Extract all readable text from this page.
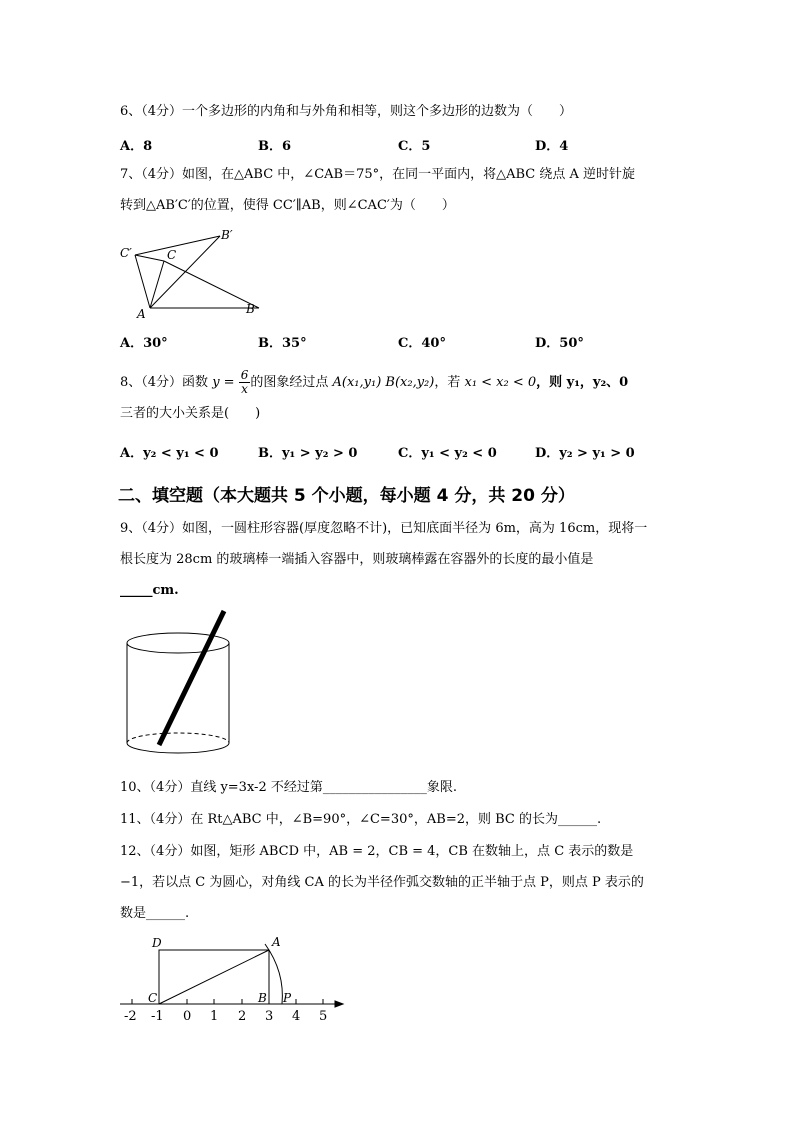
6、（4分）一个多边形的内角和与外角和相等，则这个多边形的边数为（　　）
A．8	B．6	C．5	D．4
7、（4分）如图，在△ABC 中，∠CAB＝75°，在同一平面内，将△ABC 绕点 A 逆时针旋
转到△AB′C′的位置，使得 CC′∥AB，则∠CAC′为（　　）
C′	C
B′
A	B
A．30°	B．35°	C．40°	D．50°
8、（4分）函数 $y = \frac{6}{x}$ 的图象经过点 A(x₁,y₁) B(x₂,y₂)，若 x₁ < x₂ < 0，则 y₁，y₂、0
三者的大小关系是(　　)
A．y₂ < y₁ < 0	B．y₁ > y₂ > 0	C．y₁ < y₂ < 0	D．y₂ > y₁ > 0
二、填空题（本大题共 5 个小题，每小题 4 分，共 20 分）
9、（4分）如图，一圆柱形容器(厚度忽略不计)，已知底面半径为 6m，高为 16cm，现将一
根长度为 28cm 的玻璃棒一端插入容器中，则玻璃棒露在容器外的长度的最小值是
_____cm.
10、（4分）直线 y=3x-2 不经过第________________象限.
11、（4分）在 Rt△ABC 中，∠B=90°，∠C=30°，AB=2，则 BC 的长为______.
12、（4分）如图，矩形 ABCD 中，AB = 2，CB = 4，CB 在数轴上，点 C 表示的数是
−1，若以点 C 为圆心，对角线 CA 的长为半径作弧交数轴的正半轴于点 P，则点 P 表示的
数是______.
D	A
C	B P
-2 -1 0 1 2 3 4 5
